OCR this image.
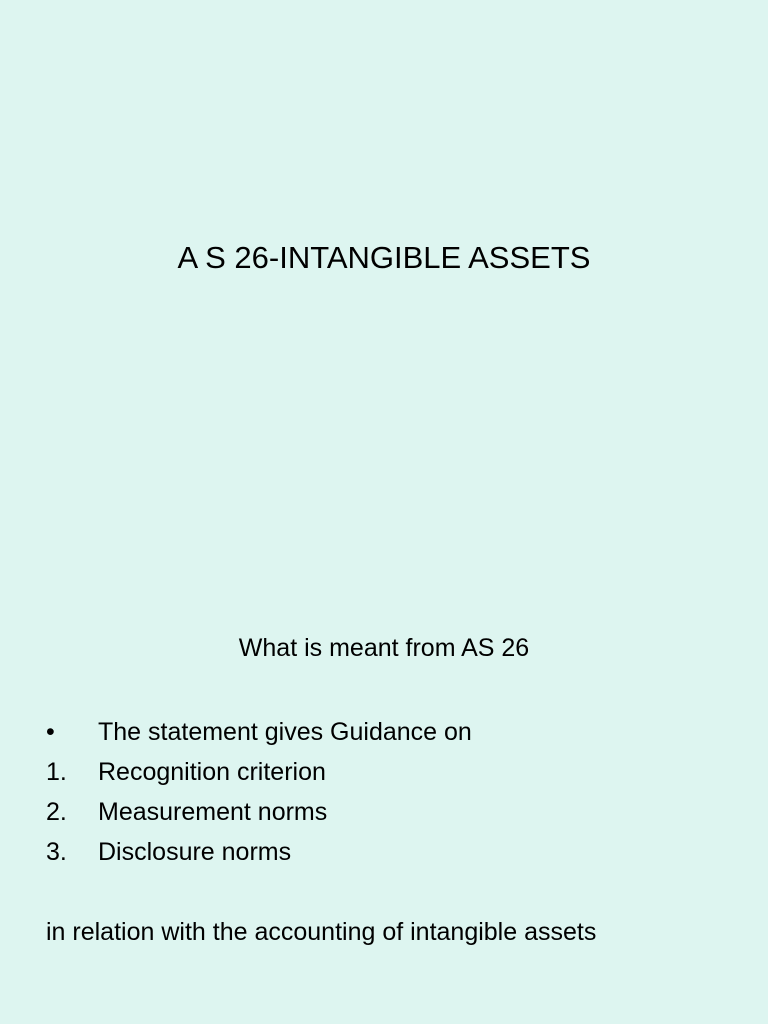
A S 26-INTANGIBLE ASSETS

What is meant from AS 26

•	The statement gives Guidance on
1.	Recognition criterion
2.	Measurement norms
3.	Disclosure norms

in relation with the accounting of intangible assets
